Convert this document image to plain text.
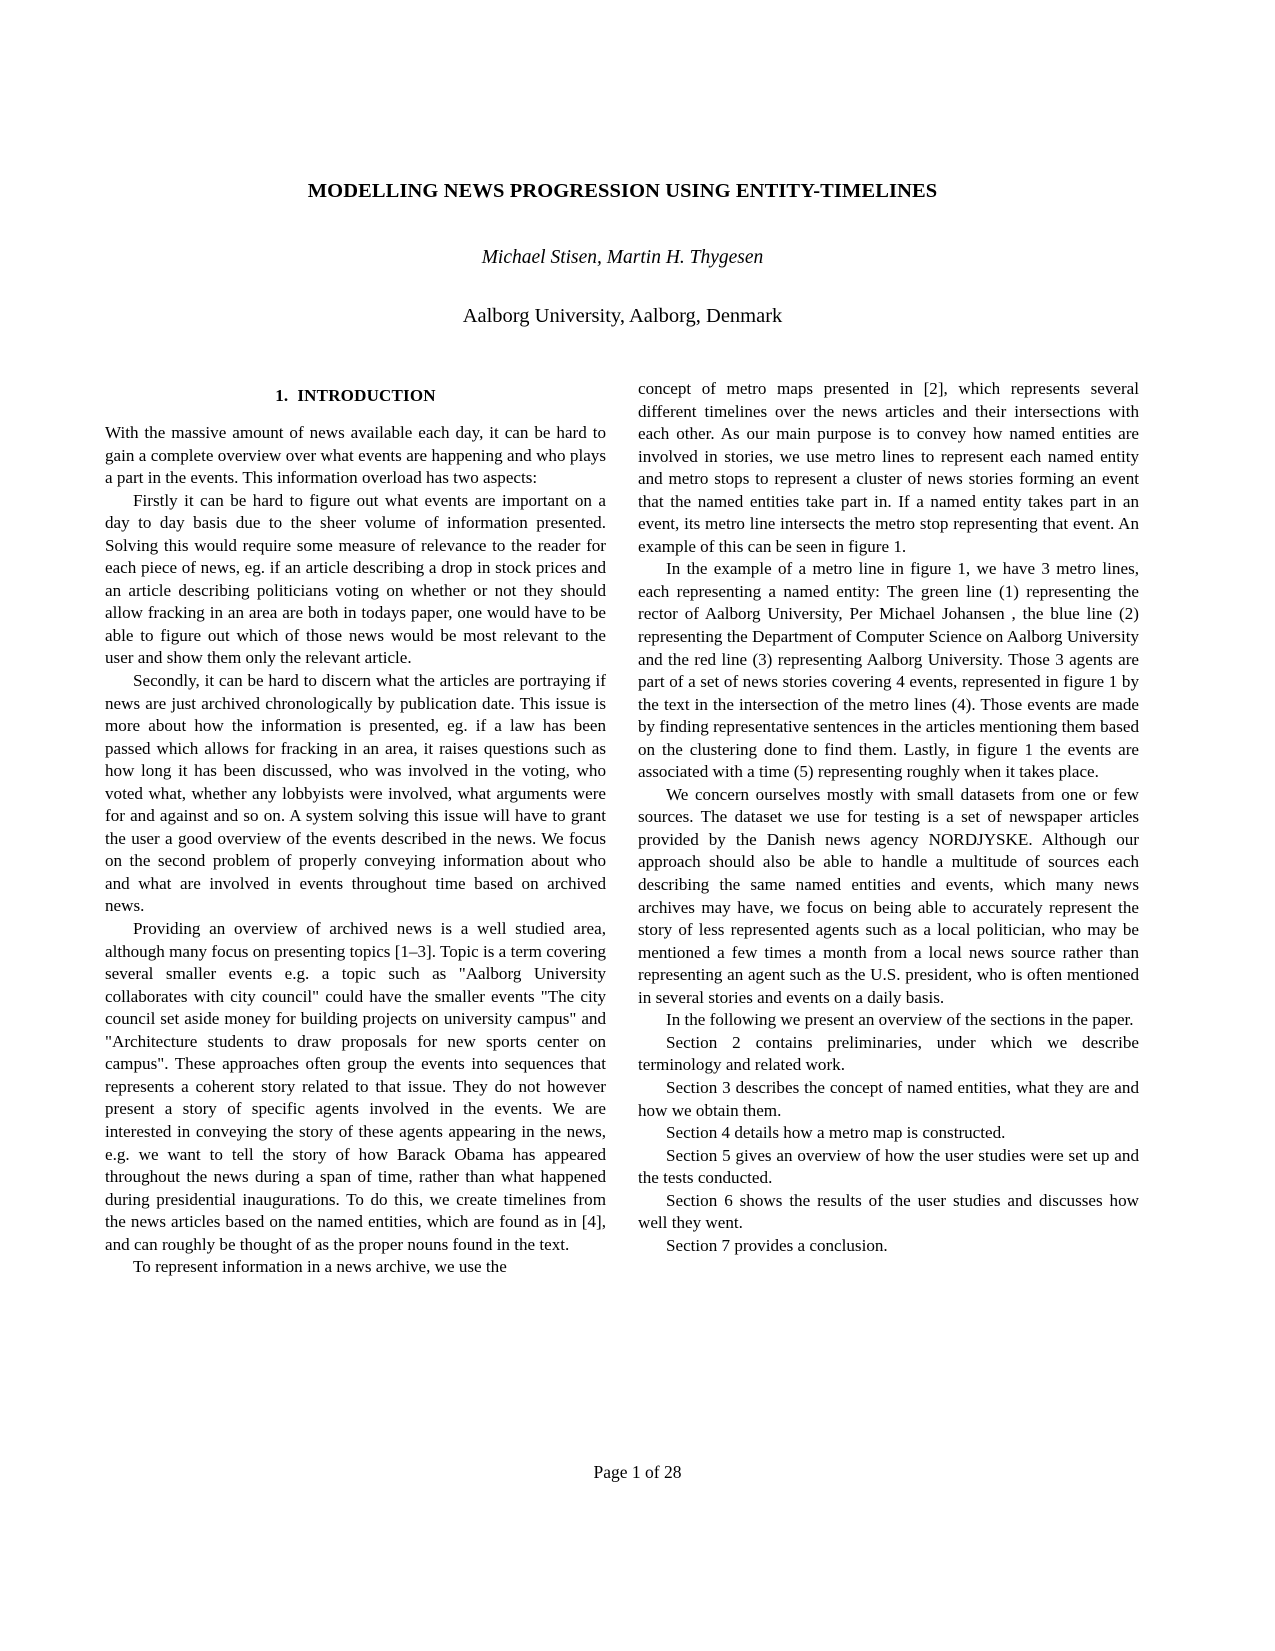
MODELLING NEWS PROGRESSION USING ENTITY-TIMELINES
Michael Stisen, Martin H. Thygesen
Aalborg University, Aalborg, Denmark
1. INTRODUCTION

With the massive amount of news available each day, it can be hard to gain a complete overview over what events are happening and who plays a part in the events. This information overload has two aspects:

Firstly it can be hard to figure out what events are important on a day to day basis due to the sheer volume of information presented. Solving this would require some measure of relevance to the reader for each piece of news, eg. if an article describing a drop in stock prices and an article describing politicians voting on whether or not they should allow fracking in an area are both in todays paper, one would have to be able to figure out which of those news would be most relevant to the user and show them only the relevant article.

Secondly, it can be hard to discern what the articles are portraying if news are just archived chronologically by publication date. This issue is more about how the information is presented, eg. if a law has been passed which allows for fracking in an area, it raises questions such as how long it has been discussed, who was involved in the voting, who voted what, whether any lobbyists were involved, what arguments were for and against and so on. A system solving this issue will have to grant the user a good overview of the events described in the news. We focus on the second problem of properly conveying information about who and what are involved in events throughout time based on archived news.

Providing an overview of archived news is a well studied area, although many focus on presenting topics [1–3]. Topic is a term covering several smaller events e.g. a topic such as "Aalborg University collaborates with city council" could have the smaller events "The city council set aside money for building projects on university campus" and "Architecture students to draw proposals for new sports center on campus". These approaches often group the events into sequences that represents a coherent story related to that issue. They do not however present a story of specific agents involved in the events. We are interested in conveying the story of these agents appearing in the news, e.g. we want to tell the story of how Barack Obama has appeared throughout the news during a span of time, rather than what happened during presidential inaugurations. To do this, we create timelines from the news articles based on the named entities, which are found as in [4], and can roughly be thought of as the proper nouns found in the text.

To represent information in a news archive, we use the

concept of metro maps presented in [2], which represents several different timelines over the news articles and their intersections with each other. As our main purpose is to convey how named entities are involved in stories, we use metro lines to represent each named entity and metro stops to represent a cluster of news stories forming an event that the named entities take part in. If a named entity takes part in an event, its metro line intersects the metro stop representing that event. An example of this can be seen in figure 1.

In the example of a metro line in figure 1, we have 3 metro lines, each representing a named entity: The green line (1) representing the rector of Aalborg University, Per Michael Johansen , the blue line (2) representing the Department of Computer Science on Aalborg University and the red line (3) representing Aalborg University. Those 3 agents are part of a set of news stories covering 4 events, represented in figure 1 by the text in the intersection of the metro lines (4). Those events are made by finding representative sentences in the articles mentioning them based on the clustering done to find them. Lastly, in figure 1 the events are associated with a time (5) representing roughly when it takes place.

We concern ourselves mostly with small datasets from one or few sources. The dataset we use for testing is a set of newspaper articles provided by the Danish news agency NORDJYSKE. Although our approach should also be able to handle a multitude of sources each describing the same named entities and events, which many news archives may have, we focus on being able to accurately represent the story of less represented agents such as a local politician, who may be mentioned a few times a month from a local news source rather than representing an agent such as the U.S. president, who is often mentioned in several stories and events on a daily basis.

In the following we present an overview of the sections in the paper.

Section 2 contains preliminaries, under which we describe terminology and related work.

Section 3 describes the concept of named entities, what they are and how we obtain them.

Section 4 details how a metro map is constructed.

Section 5 gives an overview of how the user studies were set up and the tests conducted.

Section 6 shows the results of the user studies and discusses how well they went.

Section 7 provides a conclusion.

Page 1 of 28
